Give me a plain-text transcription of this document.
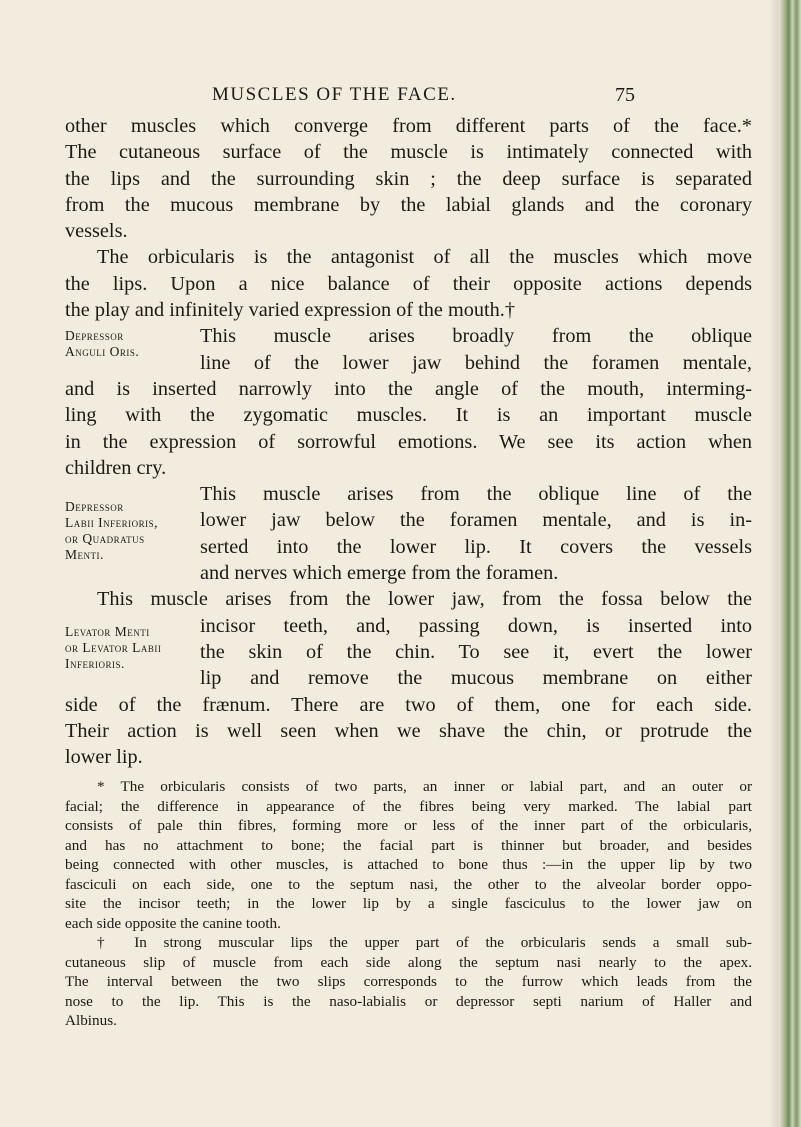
MUSCLES OF THE FACE.	75
other muscles which converge from different parts of the face.*
The cutaneous surface of the muscle is intimately connected with
the lips and the surrounding skin ; the deep surface is separated
from the mucous membrane by the labial glands and the coronary
vessels.
The orbicularis is the antagonist of all the muscles which move
the lips. Upon a nice balance of their opposite actions depends
the play and infinitely varied expression of the mouth.†
Depressor
Anguli Oris.
This muscle arises broadly from the oblique
line of the lower jaw behind the foramen mentale,
and is inserted narrowly into the angle of the mouth, interming-
ling with the zygomatic muscles. It is an important muscle
in the expression of sorrowful emotions. We see its action when
children cry.
Depressor
Labii Inferioris,
or Quadratus
Menti.
This muscle arises from the oblique line of the
lower jaw below the foramen mentale, and is in-
serted into the lower lip. It covers the vessels
and nerves which emerge from the foramen.
This muscle arises from the lower jaw, from the fossa below the
Levator Menti
or Levator Labii
Inferioris.
incisor teeth, and, passing down, is inserted into
the skin of the chin. To see it, evert the lower
lip and remove the mucous membrane on either
side of the frænum. There are two of them, one for each side.
Their action is well seen when we shave the chin, or protrude the
lower lip.
* The orbicularis consists of two parts, an inner or labial part, and an outer or
facial; the difference in appearance of the fibres being very marked. The labial part
consists of pale thin fibres, forming more or less of the inner part of the orbicularis,
and has no attachment to bone; the facial part is thinner but broader, and besides
being connected with other muscles, is attached to bone thus :—in the upper lip by two
fasciculi on each side, one to the septum nasi, the other to the alveolar border oppo-
site the incisor teeth; in the lower lip by a single fasciculus to the lower jaw on
each side opposite the canine tooth.
† In strong muscular lips the upper part of the orbicularis sends a small sub-
cutaneous slip of muscle from each side along the septum nasi nearly to the apex.
The interval between the two slips corresponds to the furrow which leads from the
nose to the lip. This is the naso-labialis or depressor septi narium of Haller and
Albinus.
